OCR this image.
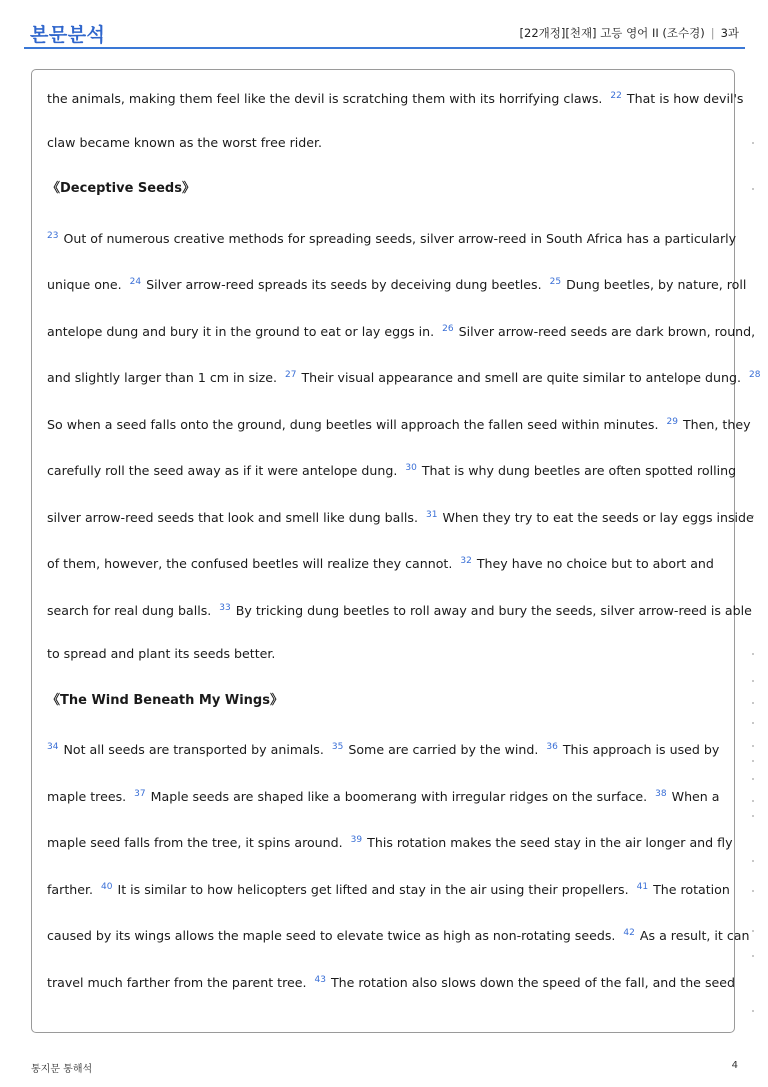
본문분석	[22개정][천재] 고등 영어 II (조수경) | 3과
the animals, making them feel like the devil is scratching them with its horrifying claws. $^{22}$ That is how devil's
claw became known as the worst free rider.
《Deceptive Seeds》
$^{23}$ Out of numerous creative methods for spreading seeds, silver arrow-reed in South Africa has a particularly
unique one. $^{24}$ Silver arrow-reed spreads its seeds by deceiving dung beetles. $^{25}$ Dung beetles, by nature, roll
antelope dung and bury it in the ground to eat or lay eggs in. $^{26}$ Silver arrow-reed seeds are dark brown, round,
and slightly larger than 1 cm in size. $^{27}$ Their visual appearance and smell are quite similar to antelope dung. $^{28}$
So when a seed falls onto the ground, dung beetles will approach the fallen seed within minutes. $^{29}$ Then, they
carefully roll the seed away as if it were antelope dung. $^{30}$ That is why dung beetles are often spotted rolling
silver arrow-reed seeds that look and smell like dung balls. $^{31}$ When they try to eat the seeds or lay eggs inside
of them, however, the confused beetles will realize they cannot. $^{32}$ They have no choice but to abort and
search for real dung balls. $^{33}$ By tricking dung beetles to roll away and bury the seeds, silver arrow-reed is able
to spread and plant its seeds better.
《The Wind Beneath My Wings》
$^{34}$ Not all seeds are transported by animals. $^{35}$ Some are carried by the wind. $^{36}$ This approach is used by
maple trees. $^{37}$ Maple seeds are shaped like a boomerang with irregular ridges on the surface. $^{38}$ When a
maple seed falls from the tree, it spins around. $^{39}$ This rotation makes the seed stay in the air longer and fly
farther. $^{40}$ It is similar to how helicopters get lifted and stay in the air using their propellers. $^{41}$ The rotation
caused by its wings allows the maple seed to elevate twice as high as non-rotating seeds. $^{42}$ As a result, it can
travel much farther from the parent tree. $^{43}$ The rotation also slows down the speed of the fall, and the seed
통지문 통해석	4
